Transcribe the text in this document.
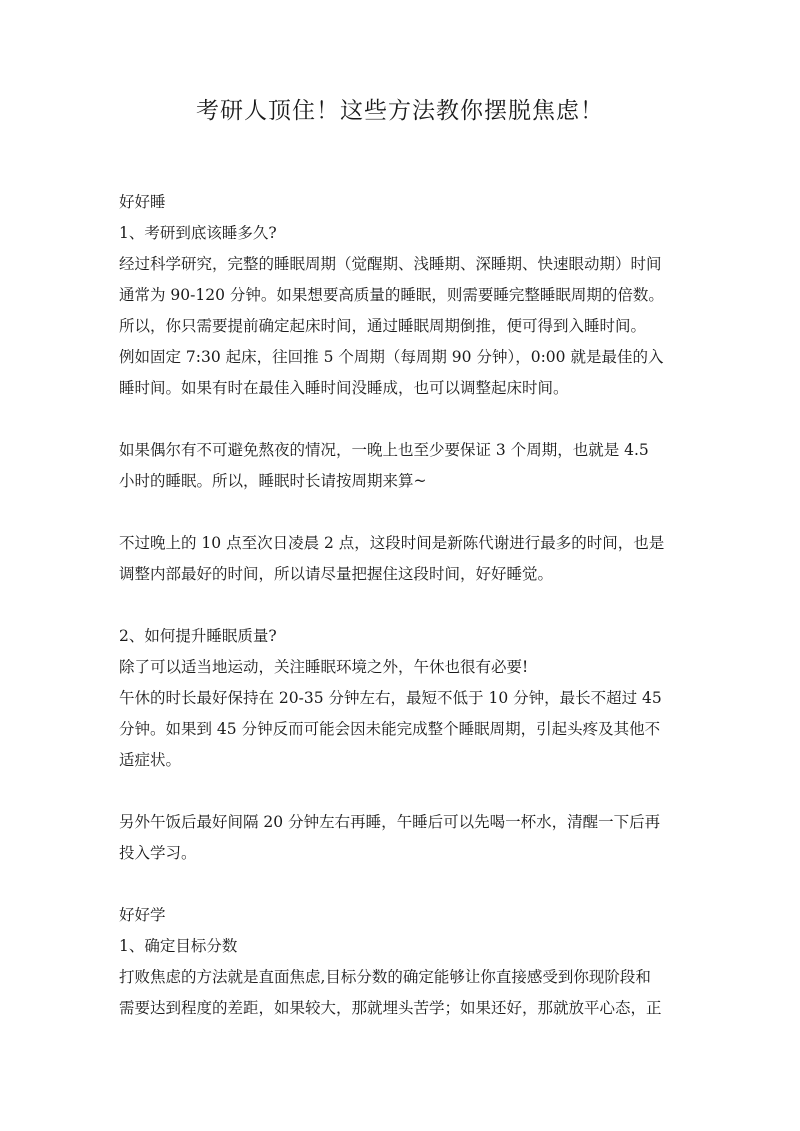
考研人顶住！这些方法教你摆脱焦虑！

好好睡

1、考研到底该睡多久?

经过科学研究，完整的睡眠周期（觉醒期、浅睡期、深睡期、快速眼动期）时间

通常为 90-120 分钟。如果想要高质量的睡眠，则需要睡完整睡眠周期的倍数。

所以，你只需要提前确定起床时间，通过睡眠周期倒推，便可得到入睡时间。

例如固定 7:30 起床，往回推 5 个周期（每周期 90 分钟），0:00 就是最佳的入

睡时间。如果有时在最佳入睡时间没睡成，也可以调整起床时间。

如果偶尔有不可避免熬夜的情况，一晚上也至少要保证 3 个周期，也就是 4.5

小时的睡眠。所以，睡眠时长请按周期来算~

不过晚上的 10 点至次日凌晨 2 点，这段时间是新陈代谢进行最多的时间，也是

调整内部最好的时间，所以请尽量把握住这段时间，好好睡觉。

2、如何提升睡眠质量?

除了可以适当地运动，关注睡眠环境之外，午休也很有必要!

午休的时长最好保持在 20-35 分钟左右，最短不低于 10 分钟，最长不超过 45

分钟。如果到 45 分钟反而可能会因未能完成整个睡眠周期，引起头疼及其他不

适症状。

另外午饭后最好间隔 20 分钟左右再睡，午睡后可以先喝一杯水，清醒一下后再

投入学习。

好好学

1、确定目标分数

打败焦虑的方法就是直面焦虑,目标分数的确定能够让你直接感受到你现阶段和

需要达到程度的差距，如果较大，那就埋头苦学；如果还好，那就放平心态，正
